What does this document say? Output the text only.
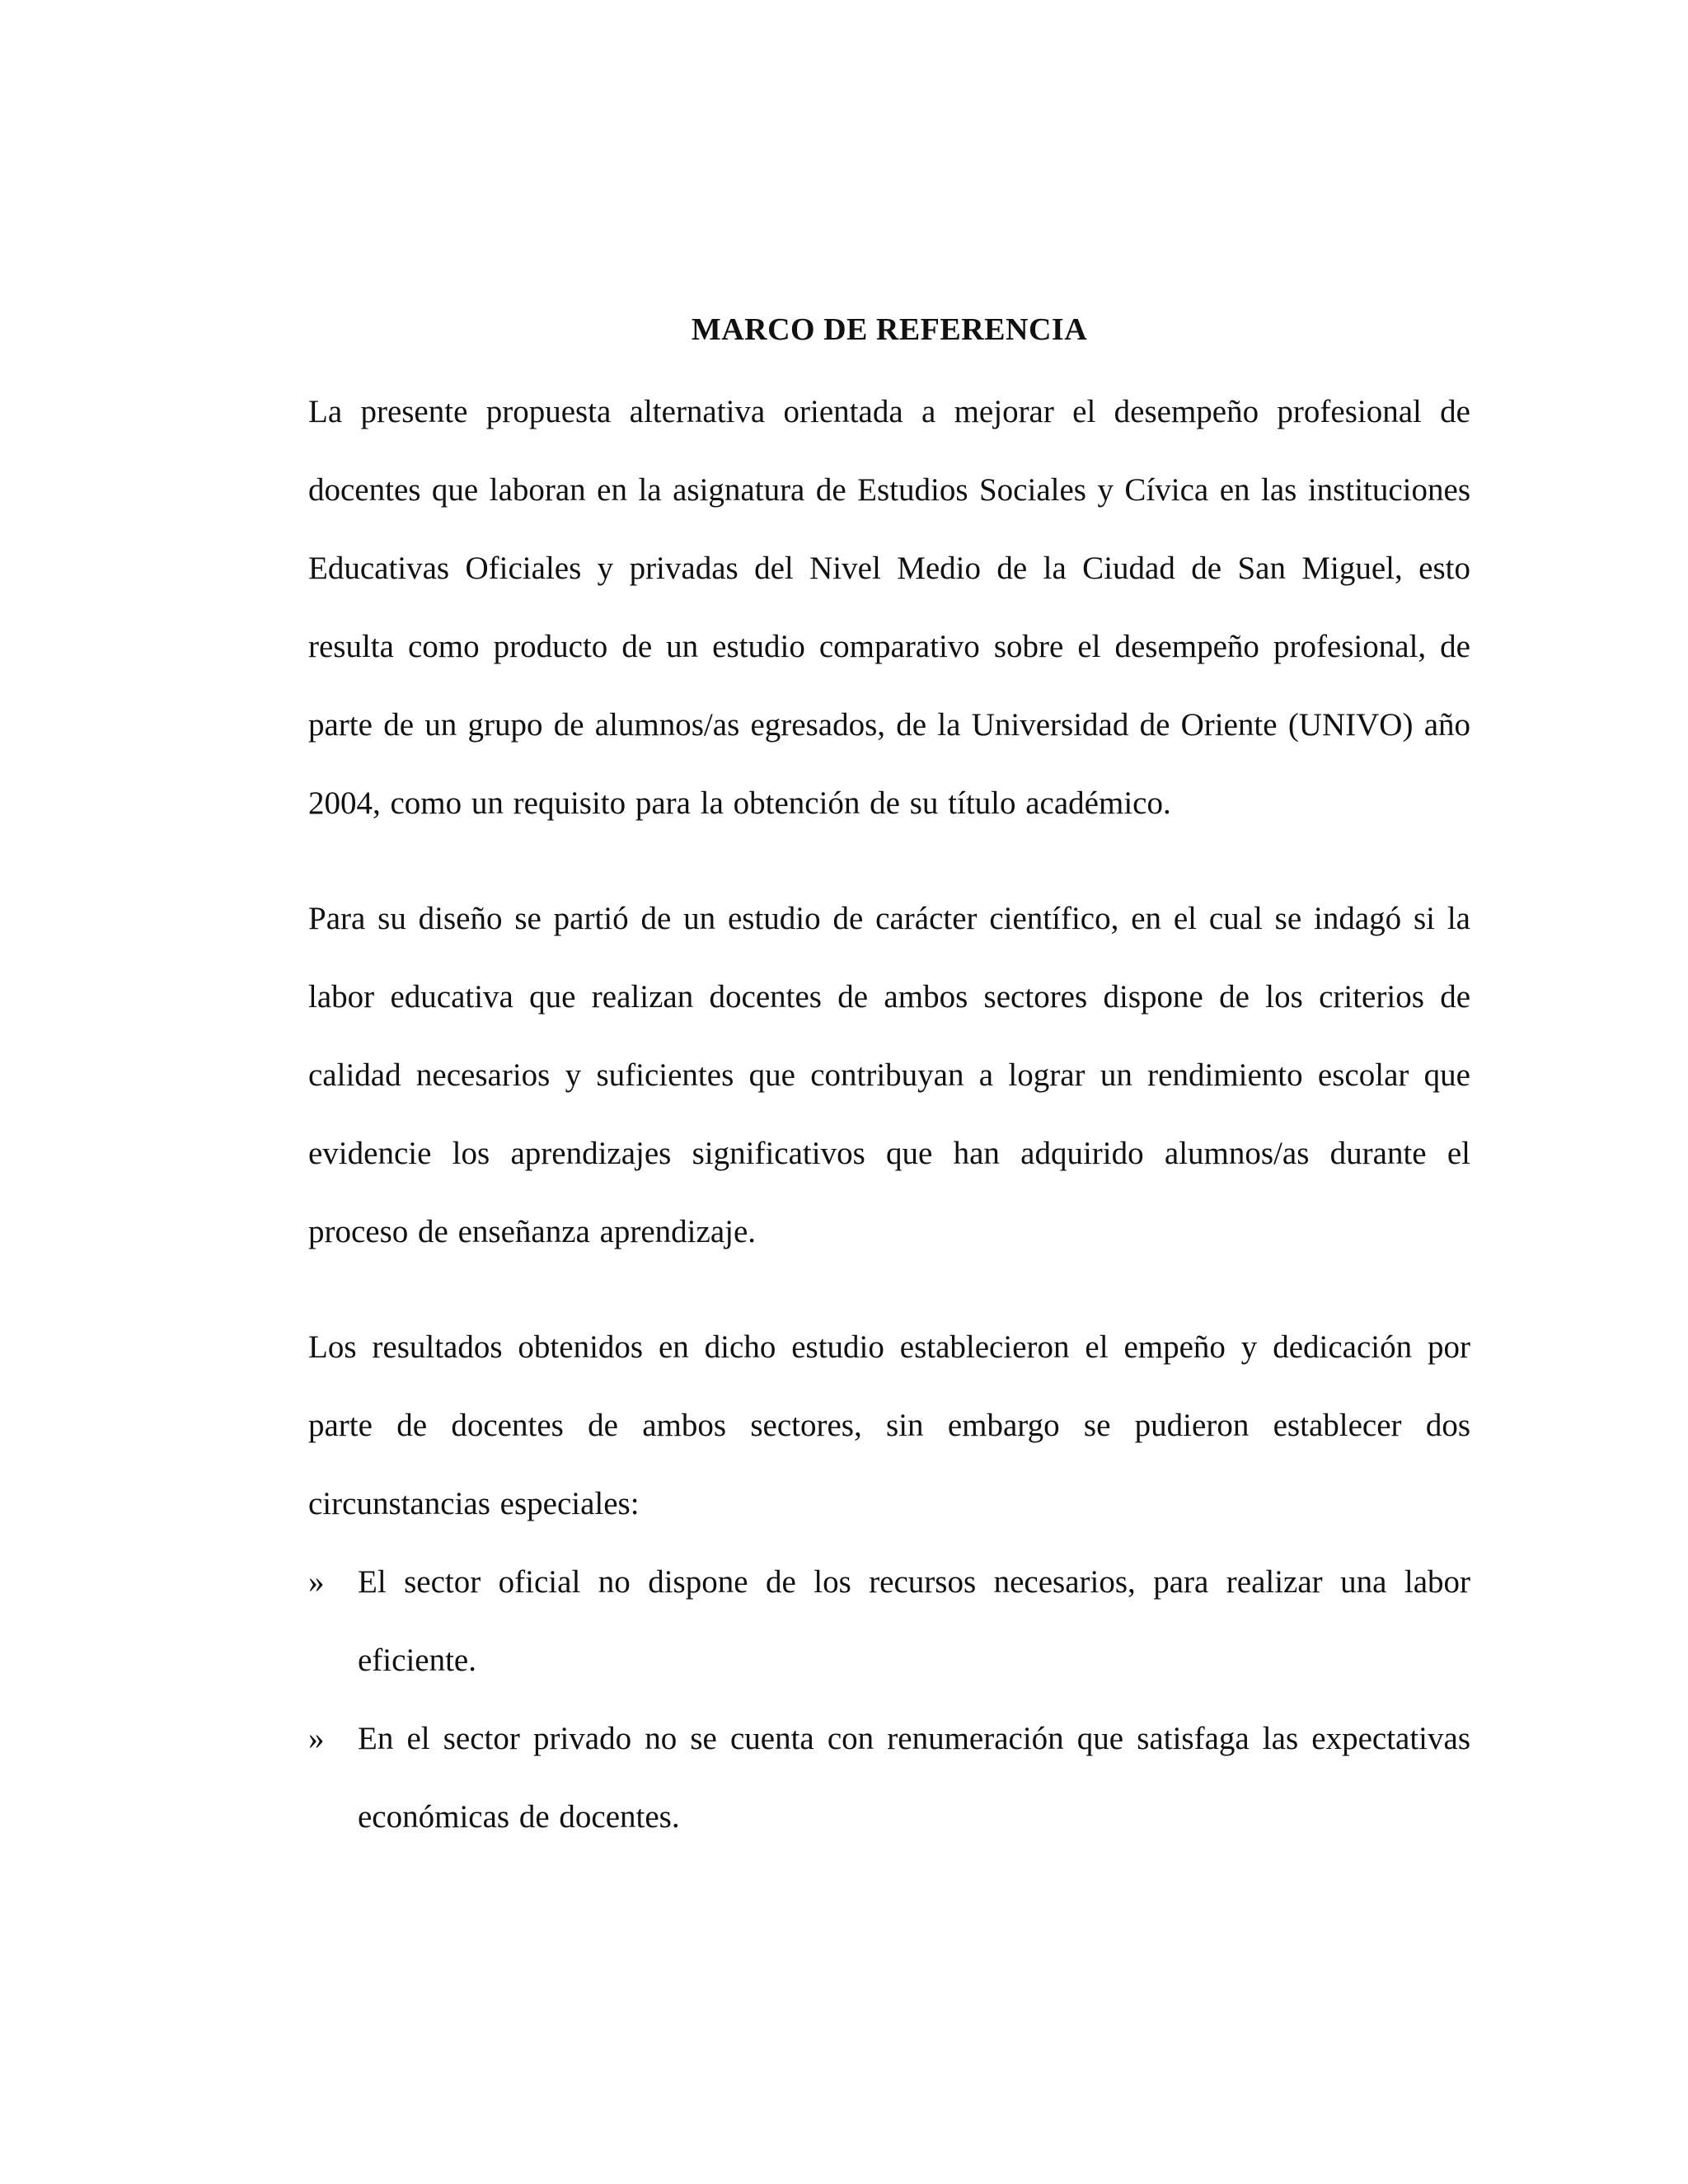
MARCO DE REFERENCIA

La presente propuesta alternativa orientada a mejorar el desempeño profesional de docentes que laboran en la asignatura de Estudios Sociales y Cívica en las instituciones Educativas Oficiales y privadas del Nivel Medio de la Ciudad de San Miguel, esto resulta como producto de un estudio comparativo sobre el desempeño profesional, de parte de un grupo de alumnos/as egresados, de la Universidad de Oriente (UNIVO) año 2004, como un requisito para la obtención de su título académico.

Para su diseño se partió de un estudio de carácter científico, en el cual se indagó si la labor educativa que realizan docentes de ambos sectores dispone de los criterios de calidad necesarios y suficientes que contribuyan a lograr un rendimiento escolar que evidencie los aprendizajes significativos que han adquirido alumnos/as durante el proceso de enseñanza aprendizaje.

Los resultados obtenidos en dicho estudio establecieron el empeño y dedicación por parte de docentes de ambos sectores, sin embargo se pudieron establecer dos circunstancias especiales:

» El sector oficial no dispone de los recursos necesarios, para realizar una labor eficiente.
» En el sector privado no se cuenta con renumeración que satisfaga las expectativas económicas de docentes.
